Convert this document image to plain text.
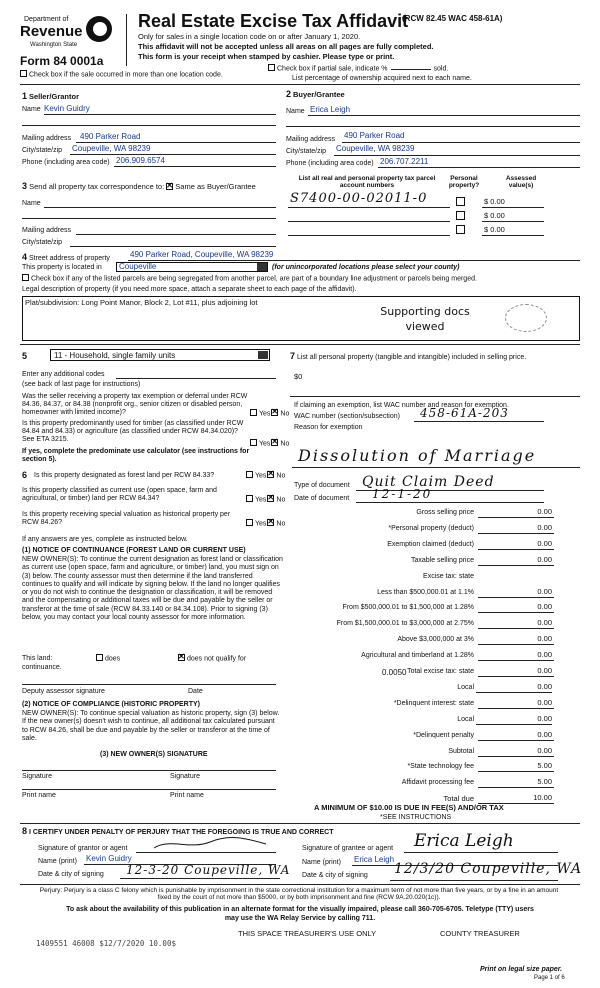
Department of
Revenue
Washington State
Form 84 0001a
Real Estate Excise Tax Affidavit
(RCW 82.45 WAC 458-61A)
Only for sales in a single location code on or after January 1, 2020.
This affidavit will not be accepted unless all areas on all pages are fully completed.
This form is your receipt when stamped by cashier. Please type or print.
Check box if the sale occurred in more than one location code.
Check box if partial sale, indicate %	sold.
List percentage of ownership acquired next to each name.
1 Seller/Grantor
Name Kevin Guidry
Mailing address 490 Parker Road
City/state/zip Coupeville, WA 98239
Phone (including area code) 206.909.6574
2 Buyer/Grantee
Name Erica Leigh
Mailing address 490 Parker Road
City/state/zip Coupeville, WA 98239
Phone (including area code) 206.707.2211
3 Send all property tax correspondence to: ✕ Same as Buyer/Grantee
Name
Mailing address
City/state/zip
List all real and personal property tax parcel account numbers
Personal property?
Assessed value(s)
S7400-00-02011-0	$ 0.00
$ 0.00
$ 0.00
4 Street address of property	490 Parker Road, Coupeville, WA 98239
This property is located in Coupeville	(for unincorporated locations please select your county)
Check box if any of the listed parcels are being segregated from another parcel, are part of a boundary line adjustment or parcels being merged.
Legal description of property (if you need more space, attach a separate sheet to each page of the affidavit).
Plat/subdivision: Long Point Manor, Block 2, Lot #11, plus adjoining lot
Supporting docs viewed
5	11 - Household, single family units
Enter any additional codes
(see back of last page for instructions)
Was the seller receiving a property tax exemption or deferral under RCW 84.36, 84.37, or 84.38 (nonprofit org., senior citizen or disabled person, homeowner with limited income)?	Yes ✕ No
Is this property predominantly used for timber (as classified under RCW 84.84 and 84.33) or agriculture (as classified under RCW 84.34.020)? See ETA 3215.
Yes ✕ No
If yes, complete the predominate use calculator (see instructions for section 5).
6 Is this property designated as forest land per RCW 84.33?	Yes ✕ No
Is this property classified as current use (open space, farm and agricultural, or timber) land per RCW 84.34?	Yes ✕ No
Is this property receiving special valuation as historical property per RCW 84.26?	Yes ✕ No
If any answers are yes, complete as instructed below.
(1) NOTICE OF CONTINUANCE (FOREST LAND OR CURRENT USE)
NEW OWNER(S): To continue the current designation as forest land or classification as current use (open space, farm and agriculture, or timber) land, you must sign on (3) below. The county assessor must then determine if the land transferred continues to qualify and will indicate by signing below. If the land no longer qualifies or you do not wish to continue the designation or classification, it will be removed and the compensating or additional taxes will be due and payable by the seller or transferor at the time of sale (RCW 84.33.140 or 84.34.108). Prior to signing (3) below, you may contact your local county assessor for more information.
This land:
continuance.
does ✕	does not qualify for
Deputy assessor signature	Date
(2) NOTICE OF COMPLIANCE (HISTORIC PROPERTY)
NEW OWNER(S): To continue special valuation as historic property, sign (3) below. If the new owner(s) doesn't wish to continue, all additional tax calculated pursuant to RCW 84.26, shall be due and payable by the seller or transferor at the time of sale.
(3) NEW OWNER(S) SIGNATURE
Signature	Signature
Print name	Print name
7 List all personal property (tangible and intangible) included in selling price.
$0
If claiming an exemption, list WAC number and reason for exemption.
WAC number (section/subsection) 458-61A-203
Reason for exemption
Dissolution of Marriage
Type of document Quit Claim Deed
Date of document 12-1-20
Gross selling price	0.00
*Personal property (deduct)	0.00
Exemption claimed (deduct)	0.00
Taxable selling price	0.00
Excise tax: state
Less than $500,000.01 at 1.1%	0.00
From $500,000.01 to $1,500,000 at 1.28%	0.00
From $1,500,000.01 to $3,000,000 at 2.75%	0.00
Above $3,000,000 at 3%	0.00
Agricultural and timberland at 1.28%	0.00
Total excise tax: state	0.00
Local	0.00
*Delinquent interest: state	0.00
Local	0.00
*Delinquent penalty	0.00
Subtotal	0.00
*State technology fee	5.00
Affidavit processing fee	5.00
Total due	10.00
0.0050
A MINIMUM OF $10.00 IS DUE IN FEE(S) AND/OR TAX
*SEE INSTRUCTIONS
8 I CERTIFY UNDER PENALTY OF PERJURY THAT THE FOREGOING IS TRUE AND CORRECT
Signature of grantor or agent
Name (print) Kevin Guidry
Date & city of signing 12-3-20 Coupeville, WA
Signature of grantee or agent Erica Leigh
Name (print) Erica Leigh
Date & city of signing 12/3/20 Coupeville, WA
Perjury: Perjury is a class C felony which is punishable by imprisonment in the state correctional institution for a maximum term of not more than five years, or by a fine in an amount fixed by the court of not more than $5000, or by both imprisonment and fine (RCW 9A.20.020(1c)).
To ask about the availability of this publication in an alternate format for the visually impaired, please call 360-705-6705. Teletype (TTY) users may use the WA Relay Service by calling 711.
THIS SPACE TREASURER'S USE ONLY	COUNTY TREASURER
1409551 46008 $12/7/2020 10.00$
Print on legal size paper.
Page 1 of 6
